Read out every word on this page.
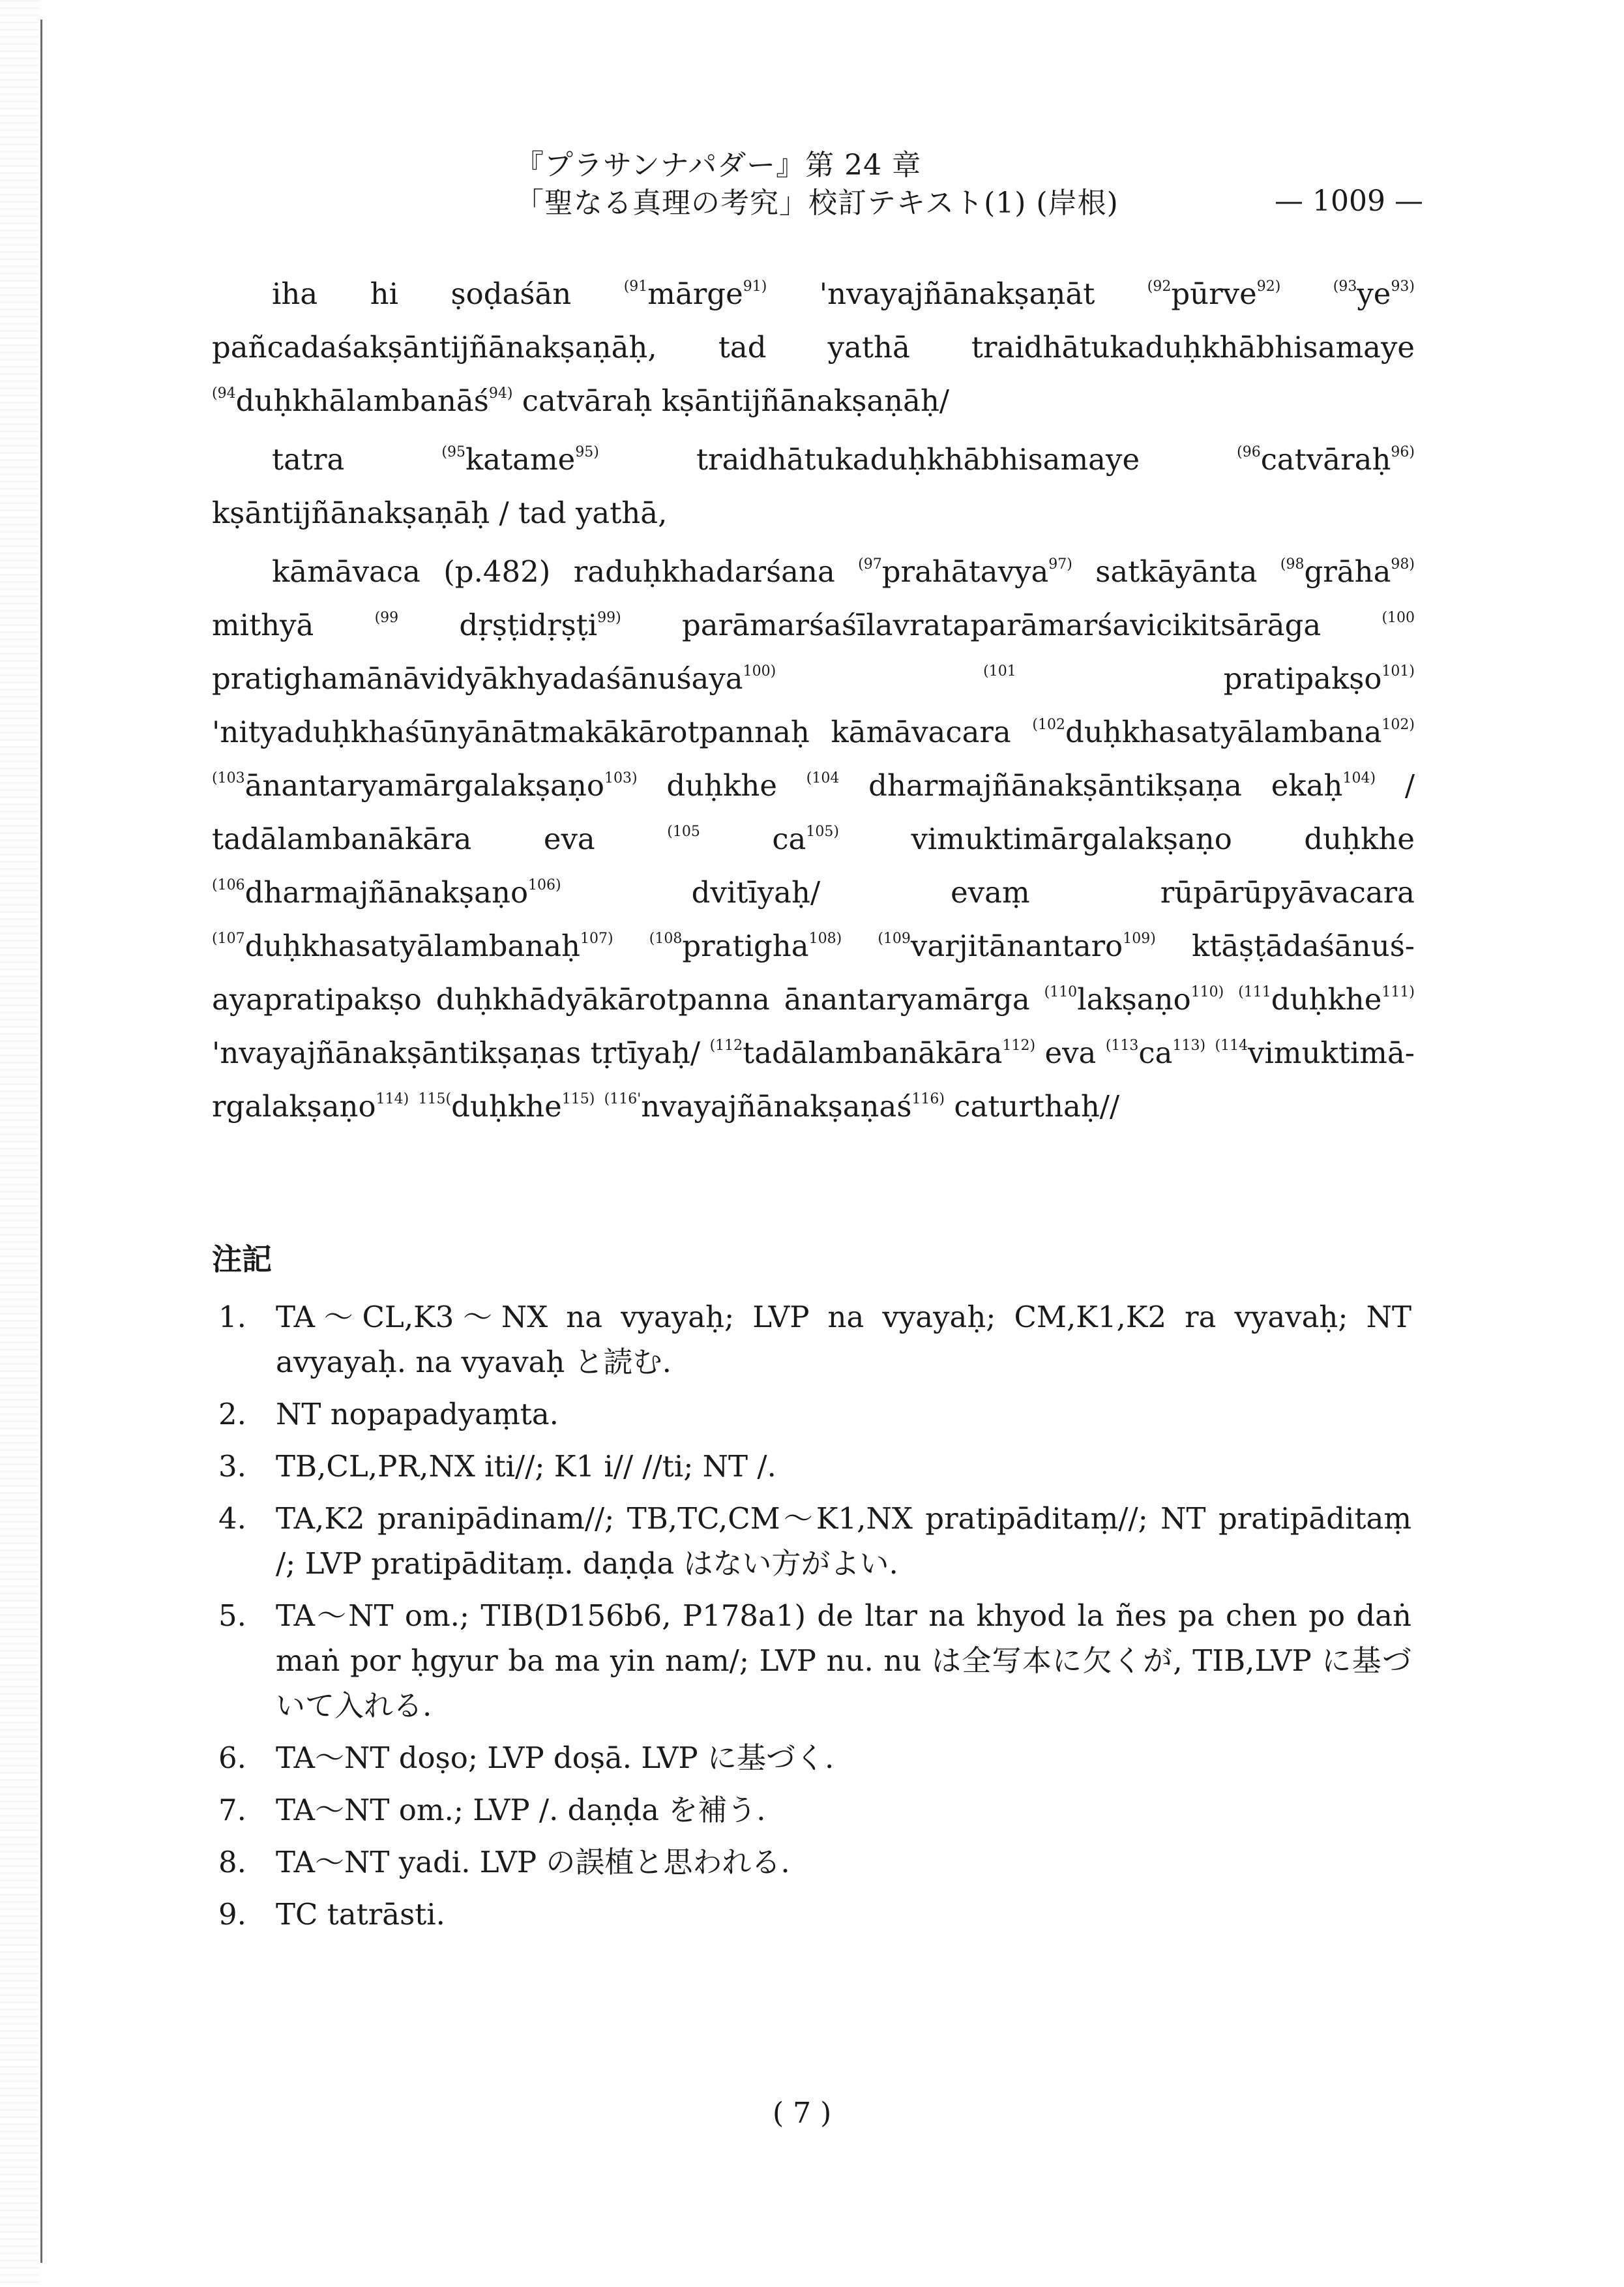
『プラサンナパダー』第 24 章
「聖なる真理の考究」校訂テキスト(1) (岸根)	— 1009 —

iha hi ṣoḍaśān $^{(91}$mārge$^{91)}$ 'nvayajñānakṣaṇāt $^{(92}$pūrve$^{92)}$	$^{(93}ye^{93)}$ pañcadaśakṣāntijñānakṣaṇāḥ, tad yathā traidhātukaduḥkhābhisamaye $^{(94}$duḥkhālambanāś$^{94)}$ catvāraḥ kṣāntijñānakṣaṇāḥ/

tatra $^{(95}$katame$^{95)}$ traidhātukaduḥkhābhisamaye $^{(96}$catvāraḥ$^{96)}$ kṣāntijñānakṣaṇāḥ / tad yathā,

kāmāvaca (p.482) raduḥkhadarśana $^{(97}$prahātavya$^{97)}$ satkāyānta $^{(98}$grāha$^{98)}$ mithyā $^{(99}$ dṛṣṭidṛṣṭi$^{99)}$ parāmarśaśīlavrataparāmarśavicikitsārāga $^{(100}$ pratighamānāvidyākhyadaśānuśaya$^{100)}$	$^{(101}$ pratipakṣo$^{101)}$ 'nityaduḥkhaśūnyānātmakākārotpannaḥ kāmāvacara $^{(102}$duḥkhasatyālambana$^{102)}$ $^{(103}$ānantaryamārgalakṣaṇo$^{103)}$ duḥkhe $^{(104}$ dharmajñānakṣāntikṣaṇa ekaḥ$^{104)}$ / tadālambanākāra eva $^{(105}$ $ca^{105)}$ vimuktimārgalakṣaṇo duḥkhe $^{(106}$dharmajñānakṣaṇo$^{106)}$ dvitīyaḥ/ evaṃ rūpārūpyāvacara $^{(107}$duḥkhasatyālambanaḥ$^{107)}$	$^{(108}$pratigha$^{108)}$	$^{(109}$varjitānantaro$^{109)}$ ktāṣṭādaśānuś-ayapratipakṣo duḥkhādyākārotpanna ānantaryamārga $^{(110}$lakṣaṇo$^{110)}$ $^{(111}$duḥkhe$^{111)}$ 'nvayajñānakṣāntikṣaṇas tṛtīyaḥ/ $^{(112}$tadālambanākāra$^{112)}$ eva $^{(113}ca^{113)}$ $^{(114}$vimuktimā-rgalakṣaṇo$^{114)}$ $^{115(}$duḥkhe$^{115)}$ $^{(116'}$nvayajñānakṣaṇaś$^{116)}$ caturthaḥ//

注記
1.	TA〜CL,K3〜NX na vyayaḥ; LVP na vyayaḥ; CM,K1,K2 ra vyavaḥ; NT avyayaḥ. na vyavaḥ と読む.
2.	NT nopapadyaṃta.
3.	TB,CL,PR,NX iti//; K1 i// //ti; NT /.
4.	TA,K2 pranipādinam//; TB,TC,CM〜K1,NX pratipāditaṃ//; NT pratipāditaṃ /; LVP pratipāditaṃ. daṇḍa はない方がよい.
5.	TA〜NT om.; TIB(D156b6, P178a1) de ltar na khyod la ñes pa chen po daṅ maṅ por ḥgyur ba ma yin nam/; LVP nu. nu は全写本に欠くが, TIB,LVP に基づいて入れる.
6.	TA〜NT doṣo; LVP doṣā. LVP に基づく.
7.	TA〜NT om.; LVP /. daṇḍa を補う.
8.	TA〜NT yadi. LVP の誤植と思われる.
9.	TC tatrāsti.
( 7 )
